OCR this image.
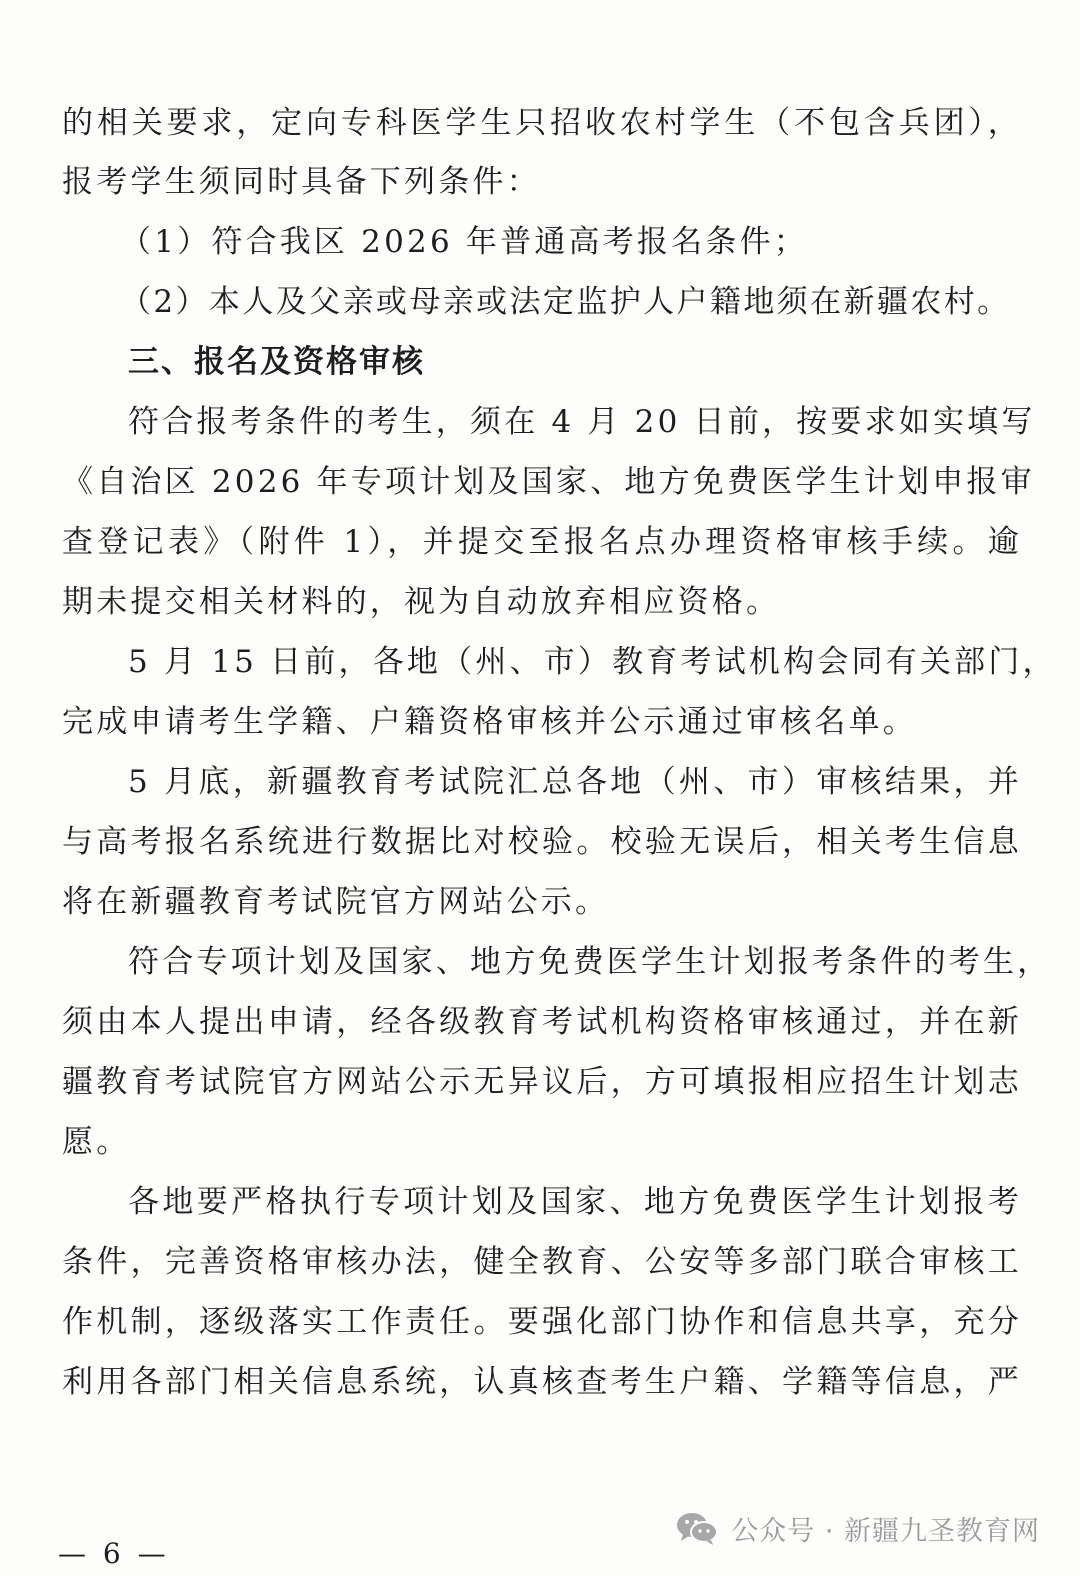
的相关要求，定向专科医学生只招收农村学生（不包含兵团），
报考学生须同时具备下列条件：
（1）符合我区 2026 年普通高考报名条件；
（2）本人及父亲或母亲或法定监护人户籍地须在新疆农村。
三、报名及资格审核
符合报考条件的考生，须在 4 月 20 日前，按要求如实填写
《自治区 2026 年专项计划及国家、地方免费医学生计划申报审
查登记表》（附件 1），并提交至报名点办理资格审核手续。逾
期未提交相关材料的，视为自动放弃相应资格。
5 月 15 日前，各地（州、市）教育考试机构会同有关部门，
完成申请考生学籍、户籍资格审核并公示通过审核名单。
5 月底，新疆教育考试院汇总各地（州、市）审核结果，并
与高考报名系统进行数据比对校验。校验无误后，相关考生信息
将在新疆教育考试院官方网站公示。
符合专项计划及国家、地方免费医学生计划报考条件的考生，
须由本人提出申请，经各级教育考试机构资格审核通过，并在新
疆教育考试院官方网站公示无异议后，方可填报相应招生计划志
愿。
各地要严格执行专项计划及国家、地方免费医学生计划报考
条件，完善资格审核办法，健全教育、公安等多部门联合审核工
作机制，逐级落实工作责任。要强化部门协作和信息共享，充分
利用各部门相关信息系统，认真核查考生户籍、学籍等信息，严
公众号 · 新疆九圣教育网
— 6 —
